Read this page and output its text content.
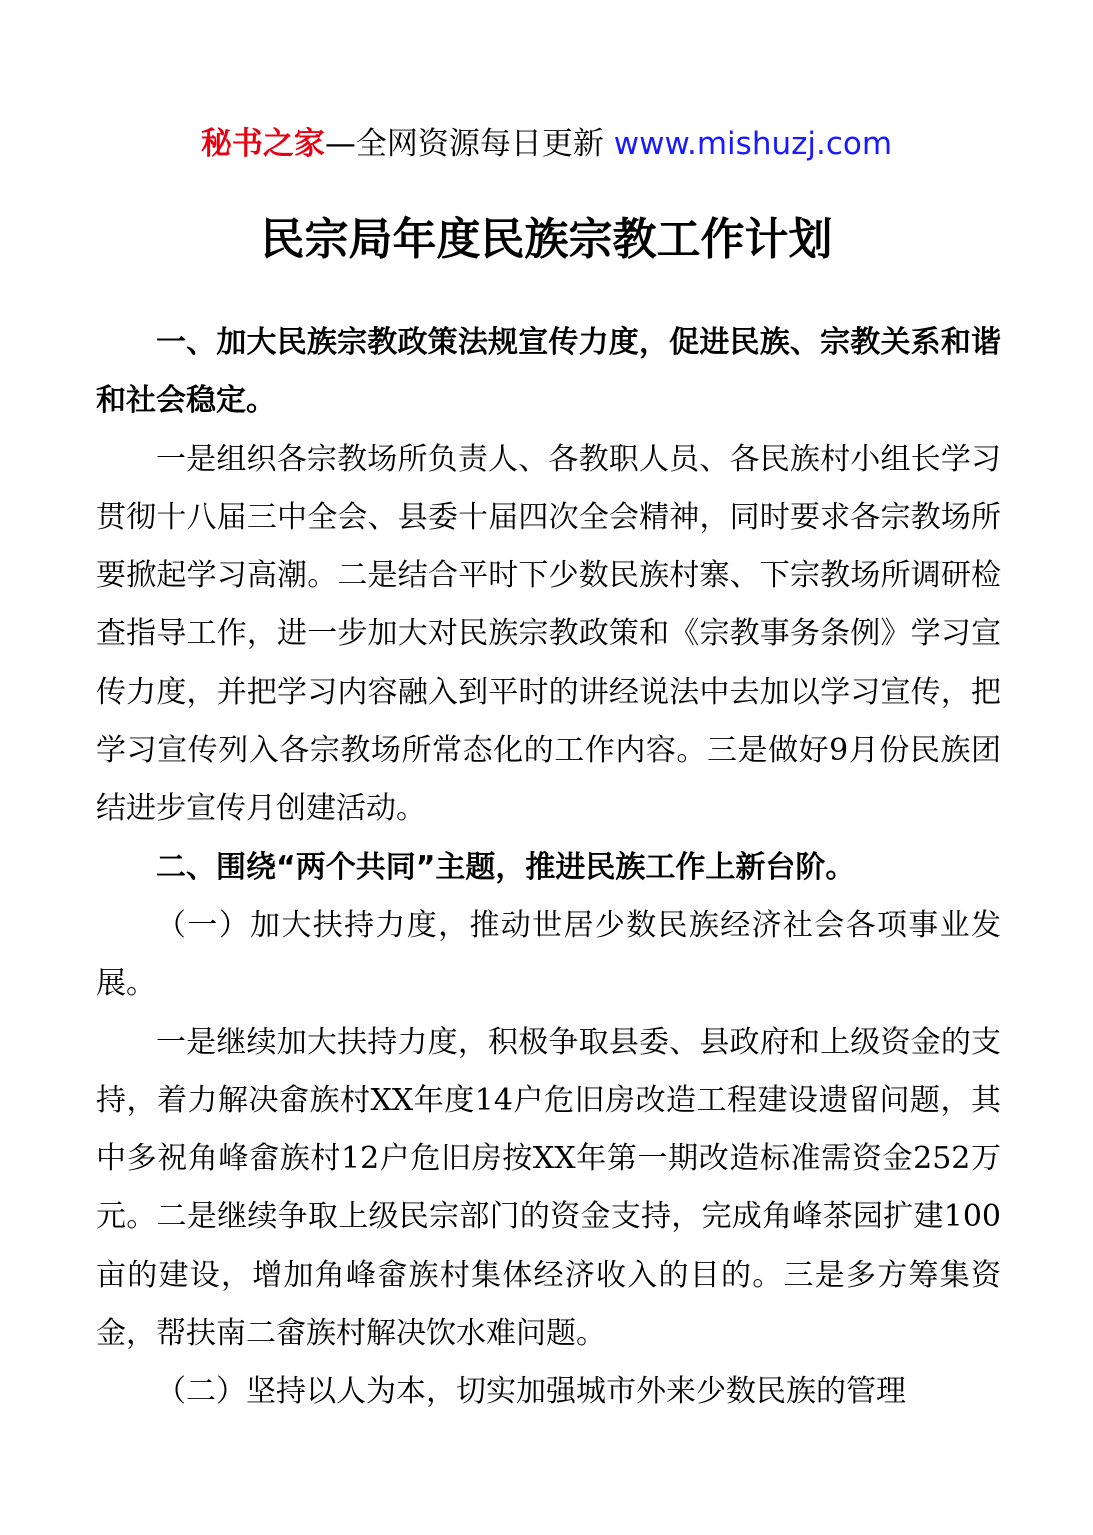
秘书之家—全网资源每日更新 www.mishuzj.com
民宗局年度民族宗教工作计划

一、加大民族宗教政策法规宣传力度，促进民族、宗教关系和谐和社会稳定。

一是组织各宗教场所负责人、各教职人员、各民族村小组长学习贯彻十八届三中全会、县委十届四次全会精神，同时要求各宗教场所要掀起学习高潮。二是结合平时下少数民族村寨、下宗教场所调研检查指导工作，进一步加大对民族宗教政策和《宗教事务条例》学习宣传力度，并把学习内容融入到平时的讲经说法中去加以学习宣传，把学习宣传列入各宗教场所常态化的工作内容。三是做好9月份民族团结进步宣传月创建活动。

二、围绕“两个共同”主题，推进民族工作上新台阶。

（一）加大扶持力度，推动世居少数民族经济社会各项事业发展。

一是继续加大扶持力度，积极争取县委、县政府和上级资金的支持，着力解决畲族村XX年度14户危旧房改造工程建设遗留问题，其中多祝角峰畲族村12户危旧房按XX年第一期改造标准需资金252万元。二是继续争取上级民宗部门的资金支持，完成角峰茶园扩建100亩的建设，增加角峰畲族村集体经济收入的目的。三是多方筹集资金，帮扶南二畲族村解决饮水难问题。

（二）坚持以人为本，切实加强城市外来少数民族的管理
